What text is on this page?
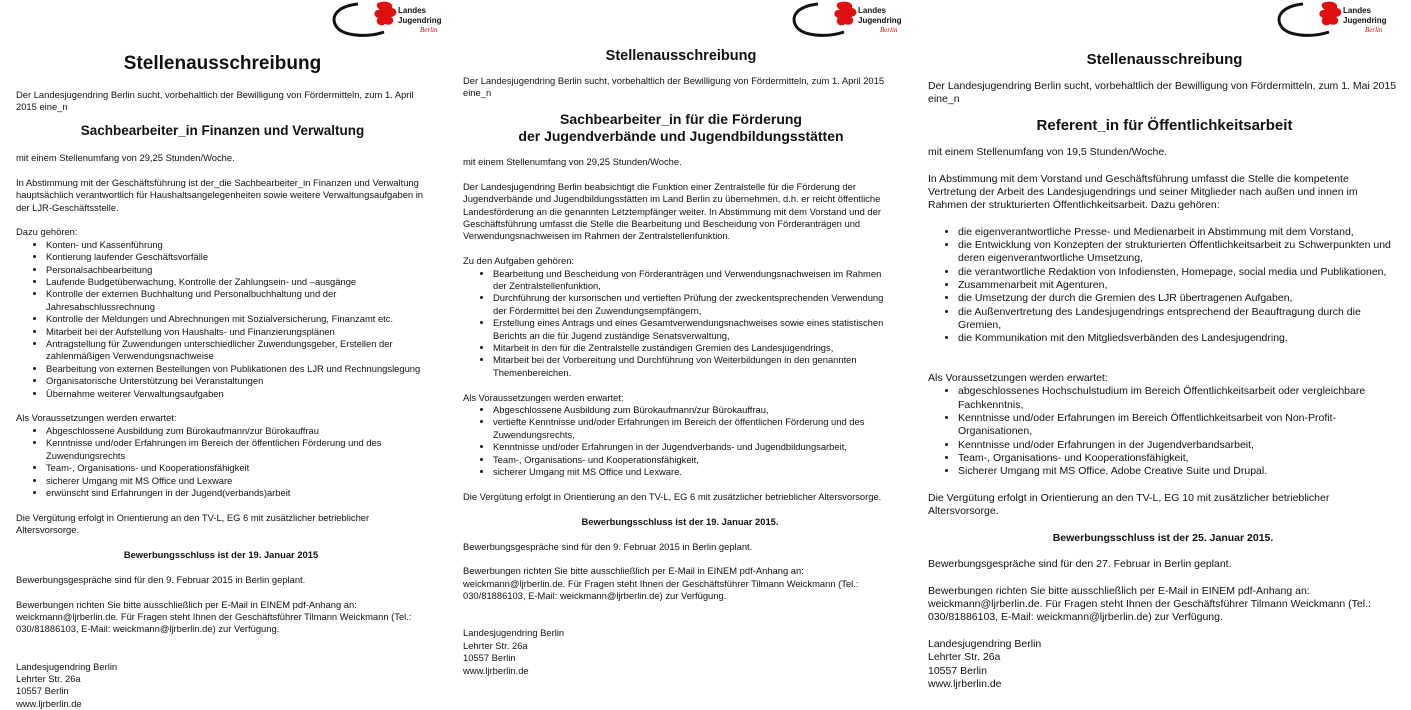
Landes
Jugendring
Berlin
Stellenausschreibung
Der Landesjugendring Berlin sucht, vorbehaltlich der Bewilligung von Fördermitteln, zum 1. April 2015 eine_n
Sachbearbeiter_in Finanzen und Verwaltung

mit einem Stellenumfang von 29,25 Stunden/Woche.

In Abstimmung mit der Geschäftsführung ist der_die Sachbearbeiter_in Finanzen und Verwaltung hauptsächlich verantwortlich für Haushaltsangelegenheiten sowie weitere Verwaltungsaufgaben in der LJR-Geschäftsstelle.

Dazu gehören:

• Konten- und Kassenführung
• Kontierung laufender Geschäftsvorfälle
• Personalsachbearbeitung
• Laufende Budgetüberwachung, Kontrolle der Zahlungsein- und –ausgänge
• Kontrolle der externen Buchhaltung und Personalbuchhaltung und der Jahresabschlussrechnung
• Kontrolle der Meldungen und Abrechnungen mit Sozialversicherung, Finanzamt etc.
• Mitarbeit bei der Aufstellung von Haushalts- und Finanzierungsplänen
• Antragstellung für Zuwendungen unterschiedlicher Zuwendungsgeber, Erstellen der zahlenmäßigen Verwendungsnachweise
• Bearbeitung von externen Bestellungen von Publikationen des LJR und Rechnungslegung
• Organisatorische Unterstützung bei Veranstaltungen
• Übernahme weiterer Verwaltungsaufgaben

Als Voraussetzungen werden erwartet:

• Abgeschlossene Ausbildung zum Bürokaufmann/zur Bürokauffrau
• Kenntnisse und/oder Erfahrungen im Bereich der öffentlichen Förderung und des Zuwendungsrechts
• Team-, Organisations- und Kooperationsfähigkeit
• sicherer Umgang mit MS Office und Lexware
• erwünscht sind Erfahrungen in der Jugend(verbands)arbeit

Die Vergütung erfolgt in Orientierung an den TV-L, EG 6 mit zusätzlicher betrieblicher Altersvorsorge.

Bewerbungsschluss ist der 19. Januar 2015

Bewerbungsgespräche sind für den 9. Februar 2015 in Berlin geplant.

Bewerbungen richten Sie bitte ausschließlich per E-Mail in EINEM pdf-Anhang an: weickmann@ljrberlin.de. Für Fragen steht Ihnen der Geschäftsführer Tilmann Weickmann (Tel.: 030/81886103, E-Mail: weickmann@ljrberlin.de) zur Verfügung.

Landesjugendring Berlin

Lehrter Str. 26a

10557 Berlin

www.ljrberlin.de

Landes
Jugendring
Berlin
Stellenausschreibung
Der Landesjugendring Berlin sucht, vorbehaltlich der Bewilligung von Fördermitteln, zum 1. April 2015 eine_n
Sachbearbeiter_in für die Förderung
der Jugendverbände und Jugendbildungsstätten

mit einem Stellenumfang von 29,25 Stunden/Woche.

Der Landesjugendring Berlin beabsichtigt die Funktion einer Zentralstelle für die Förderung der Jugendverbände und Jugendbildungsstätten im Land Berlin zu übernehmen, d.h. er reicht öffentliche Landesförderung an die genannten Letztempfänger weiter. In Abstimmung mit dem Vorstand und der Geschäftsführung umfasst die Stelle die Bearbeitung und Bescheidung von Förderanträgen und Verwendungsnachweisen im Rahmen der Zentralstellenfunktion.

Zu den Aufgaben gehören:

• Bearbeitung und Bescheidung von Förderanträgen und Verwendungsnachweisen im Rahmen der Zentralstellenfunktion,
• Durchführung der kursorischen und vertieften Prüfung der zweckentsprechenden Verwendung der Fördermittel bei den Zuwendungsempfängern,
• Erstellung eines Antrags und eines Gesamtverwendungsnachweises sowie eines statistischen Berichts an die für Jugend zuständige Senatsverwaltung,
• Mitarbeit in den für die Zentralstelle zuständigen Gremien des Landesjugendrings,
• Mitarbeit bei der Vorbereitung und Durchführung von Weiterbildungen in den genannten Themenbereichen.

Als Voraussetzungen werden erwartet:

• Abgeschlossene Ausbildung zum Bürokaufmann/zur Bürokauffrau,
• vertiefte Kenntnisse und/oder Erfahrungen im Bereich der öffentlichen Förderung und des Zuwendungsrechts,
• Kenntnisse und/oder Erfahrungen in der Jugendverbands- und Jugendbildungsarbeit,
• Team-, Organisations- und Kooperationsfähigkeit,
• sicherer Umgang mit MS Office und Lexware.

Die Vergütung erfolgt in Orientierung an den TV-L, EG 6 mit zusätzlicher betrieblicher Altersvorsorge.

Bewerbungsschluss ist der 19. Januar 2015.

Bewerbungsgespräche sind für den 9. Februar 2015 in Berlin geplant.

Bewerbungen richten Sie bitte ausschließlich per E-Mail in EINEM pdf-Anhang an: weickmann@ljrberlin.de. Für Fragen steht Ihnen der Geschäftsführer Tilmann Weickmann (Tel.: 030/81886103, E-Mail: weickmann@ljrberlin.de) zur Verfügung.

Landesjugendring Berlin

Lehrter Str. 26a

10557 Berlin

www.ljrberlin.de

Landes
Jugendring
Berlin
Stellenausschreibung
Der Landesjugendring Berlin sucht, vorbehaltlich der Bewilligung von Fördermitteln, zum 1. Mai 2015 eine_n
Referent_in für Öffentlichkeitsarbeit

mit einem Stellenumfang von 19,5 Stunden/Woche.

In Abstimmung mit dem Vorstand und Geschäftsführung umfasst die Stelle die kompetente Vertretung der Arbeit des Landesjugendrings und seiner Mitglieder nach außen und innen im Rahmen der strukturierten Öffentlichkeitsarbeit. Dazu gehören:

• die eigenverantwortliche Presse- und Medienarbeit in Abstimmung mit dem Vorstand,
• die Entwicklung von Konzepten der strukturierten Öffentlichkeitsarbeit zu Schwerpunkten und deren eigenverantwortliche Umsetzung,
• die verantwortliche Redaktion von Infodiensten, Homepage, social media und Publikationen,
• Zusammenarbeit mit Agenturen,
• die Umsetzung der durch die Gremien des LJR übertragenen Aufgaben,
• die Außenvertretung des Landesjugendrings entsprechend der Beauftragung durch die Gremien,
• die Kommunikation mit den Mitgliedsverbänden des Landesjugendring.

Als Voraussetzungen werden erwartet:

• abgeschlossenes Hochschulstudium im Bereich Öffentlichkeitsarbeit oder vergleichbare Fachkenntnis,
• Kenntnisse und/oder Erfahrungen im Bereich Öffentlichkeitsarbeit von Non-Profit-Organisationen,
• Kenntnisse und/oder Erfahrungen in der Jugendverbandsarbeit,
• Team-, Organisations- und Kooperationsfähigkeit,
• Sicherer Umgang mit MS Office, Adobe Creative Suite und Drupal.

Die Vergütung erfolgt in Orientierung an den TV-L, EG 10 mit zusätzlicher betrieblicher Altersvorsorge.

Bewerbungsschluss ist der 25. Januar 2015.

Bewerbungsgespräche sind für den 27. Februar in Berlin geplant.

Bewerbungen richten Sie bitte ausschließlich per E-Mail in EINEM pdf-Anhang an: weickmann@ljrberlin.de. Für Fragen steht Ihnen der Geschäftsführer Tilmann Weickmann (Tel.: 030/81886103, E-Mail: weickmann@ljrberlin.de) zur Verfügung.

Landesjugendring Berlin

Lehrter Str. 26a

10557 Berlin

www.ljrberlin.de
